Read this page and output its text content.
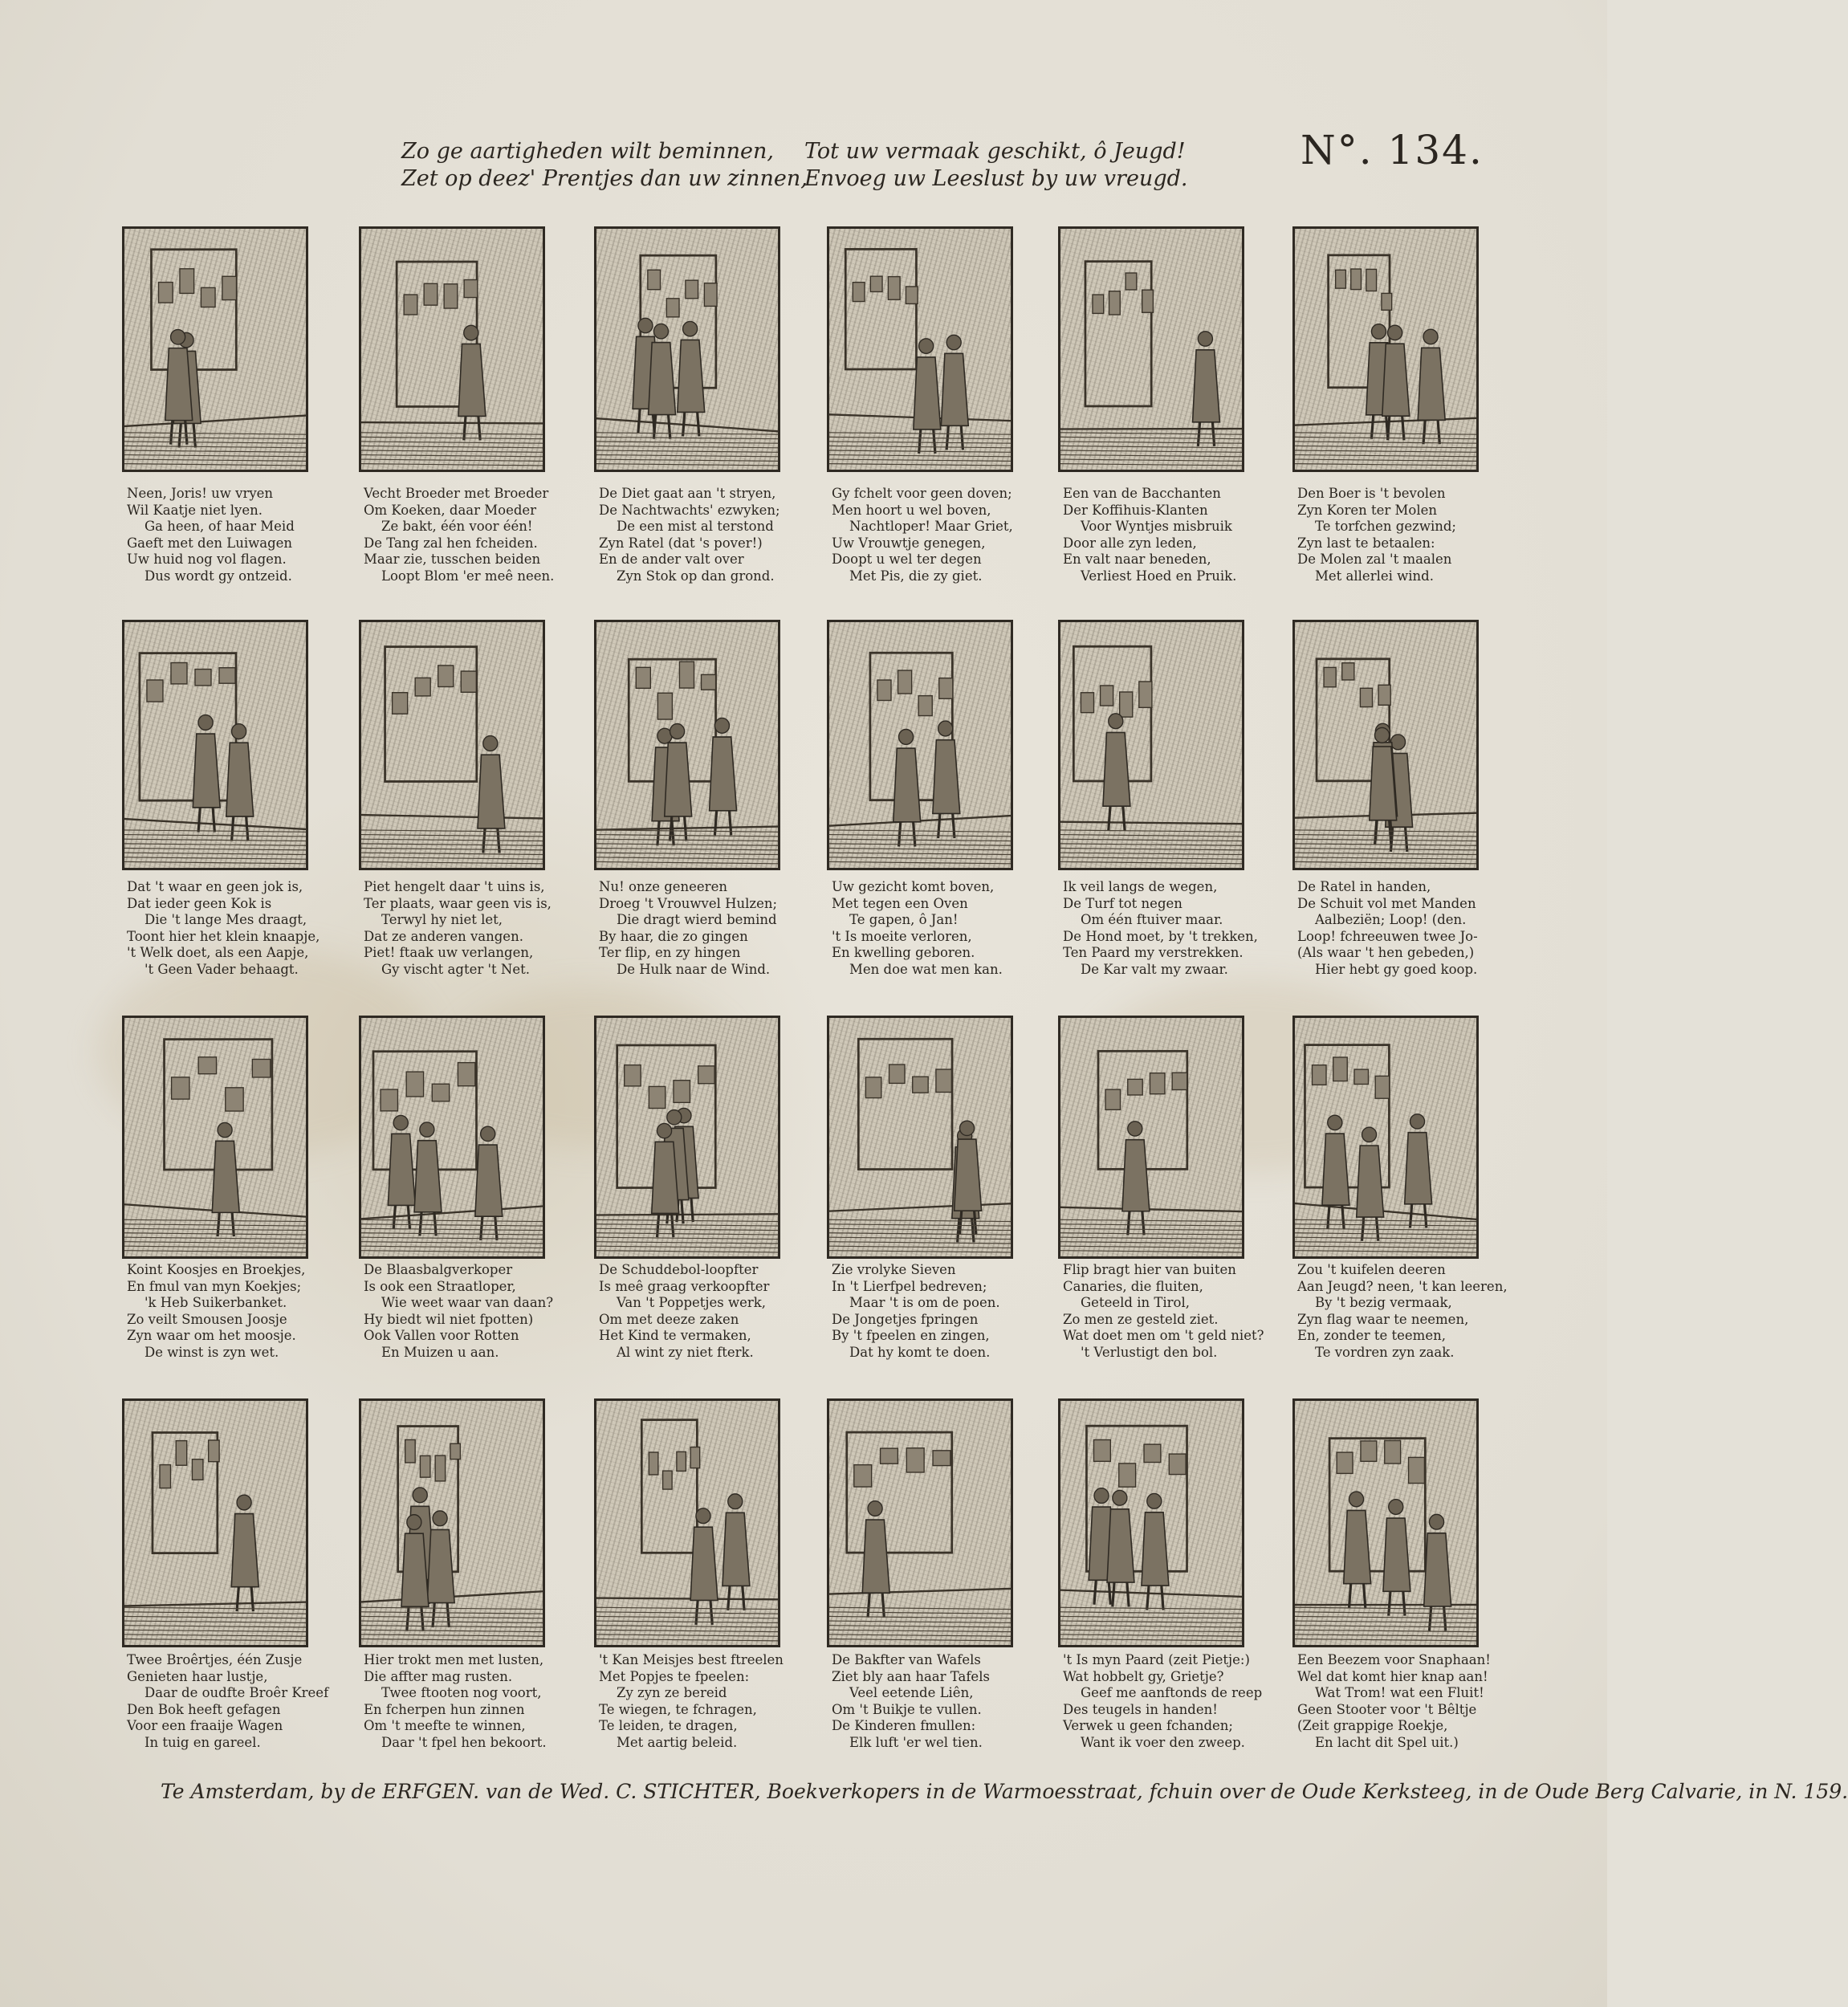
Zo ge aartigheden wilt beminnen,
Zet op deez' Prentjes dan uw zinnen,
Tot uw vermaak geschikt, ô Jeugd!
Envoeg uw Leeslust by uw vreugd.
N°. 134.
Neen, Joris! uw vryen
Wil Kaatje niet lyen.
Ga heen, of haar Meid
Gaeft met den Luiwagen
Uw huid nog vol flagen.
Dus wordt gy ontzeid.
Vecht Broeder met Broeder
Om Koeken, daar Moeder
Ze bakt, één voor één!
De Tang zal hen fcheiden.
Maar zie, tusschen beiden
Loopt Blom 'er meê neen.
De Diet gaat aan 't stryen,
De Nachtwachts' ezwyken;
De een mist al terstond
Zyn Ratel (dat 's pover!)
En de ander valt over
Zyn Stok op dan grond.
Gy fchelt voor geen doven;
Men hoort u wel boven,
Nachtloper! Maar Griet,
Uw Vrouwtje genegen,
Doopt u wel ter degen
Met Pis, die zy giet.
Een van de Bacchanten
Der Koffihuis-Klanten
Voor Wyntjes misbruik
Door alle zyn leden,
En valt naar beneden,
Verliest Hoed en Pruik.
Den Boer is 't bevolen
Zyn Koren ter Molen
Te torfchen gezwind;
Zyn last te betaalen:
De Molen zal 't maalen
Met allerlei wind.
Dat 't waar en geen jok is,
Dat ieder geen Kok is
Die 't lange Mes draagt,
Toont hier het klein knaapje,
't Welk doet, als een Aapje,
't Geen Vader behaagt.
Piet hengelt daar 't uins is,
Ter plaats, waar geen vis is,
Terwyl hy niet let,
Dat ze anderen vangen.
Piet! ftaak uw verlangen,
Gy vischt agter 't Net.
Nu! onze geneeren
Droeg 't Vrouwvel Hulzen;
Die dragt wierd bemind
By haar, die zo gingen
Ter flip, en zy hingen
De Hulk naar de Wind.
Uw gezicht komt boven,
Met tegen een Oven
Te gapen, ô Jan!
't Is moeite verloren,
En kwelling geboren.
Men doe wat men kan.
Ik veil langs de wegen,
De Turf tot negen
Om één ftuiver maar.
De Hond moet, by 't trekken,
Ten Paard my verstrekken.
De Kar valt my zwaar.
De Ratel in handen,
De Schuit vol met Manden
Aalbeziën; Loop! (den.
Loop! fchreeuwen twee Jo-
(Als waar 't hen gebeden,)
Hier hebt gy goed koop.
Koint Koosjes en Broekjes,
En fmul van myn Koekjes;
'k Heb Suikerbanket.
Zo veilt Smousen Joosje
Zyn waar om het moosje.
De winst is zyn wet.
De Blaasbalgverkoper
Is ook een Straatloper,
Wie weet waar van daan?
Hy biedt wil niet fpotten)
Ook Vallen voor Rotten
En Muizen u aan.
De Schuddebol-loopfter
Is meê graag verkoopfter
Van 't Poppetjes werk,
Om met deeze zaken
Het Kind te vermaken,
Al wint zy niet fterk.
Zie vrolyke Sieven
In 't Lierfpel bedreven;
Maar 't is om de poen.
De Jongetjes fpringen
By 't fpeelen en zingen,
Dat hy komt te doen.
Flip bragt hier van buiten
Canaries, die fluiten,
Geteeld in Tirol,
Zo men ze gesteld ziet.
Wat doet men om 't geld niet?
't Verlustigt den bol.
Zou 't kuifelen deeren
Aan Jeugd? neen, 't kan leeren,
By 't bezig vermaak,
Zyn flag waar te neemen,
En, zonder te teemen,
Te vordren zyn zaak.
Twee Broêrtjes, één Zusje
Genieten haar lustje,
Daar de oudfte Broêr Kreef
Den Bok heeft gefagen
Voor een fraaije Wagen
In tuig en gareel.
Hier trokt men met lusten,
Die affter mag rusten.
Twee ftooten nog voort,
En fcherpen hun zinnen
Om 't meefte te winnen,
Daar 't fpel hen bekoort.
't Kan Meisjes best ftreelen
Met Popjes te fpeelen:
Zy zyn ze bereid
Te wiegen, te fchragen,
Te leiden, te dragen,
Met aartig beleid.
De Bakfter van Wafels
Ziet bly aan haar Tafels
Veel eetende Liên,
Om 't Buikje te vullen.
De Kinderen fmullen:
Elk luft 'er wel tien.
't Is myn Paard (zeit Pietje:)
Wat hobbelt gy, Grietje?
Geef me aanftonds de reep
Des teugels in handen!
Verwek u geen fchanden;
Want ik voer den zweep.
Een Beezem voor Snaphaan!
Wel dat komt hier knap aan!
Wat Trom! wat een Fluit!
Geen Stooter voor 't Bêltje
(Zeit grappige Roekje,
En lacht dit Spel uit.)
Te Amsterdam, by de ERFGEN. van de Wed. C. STICHTER, Boekverkopers in de Warmoesstraat, fchuin over de Oude Kerksteeg, in de Oude Berg Calvarie, in N. 159.
